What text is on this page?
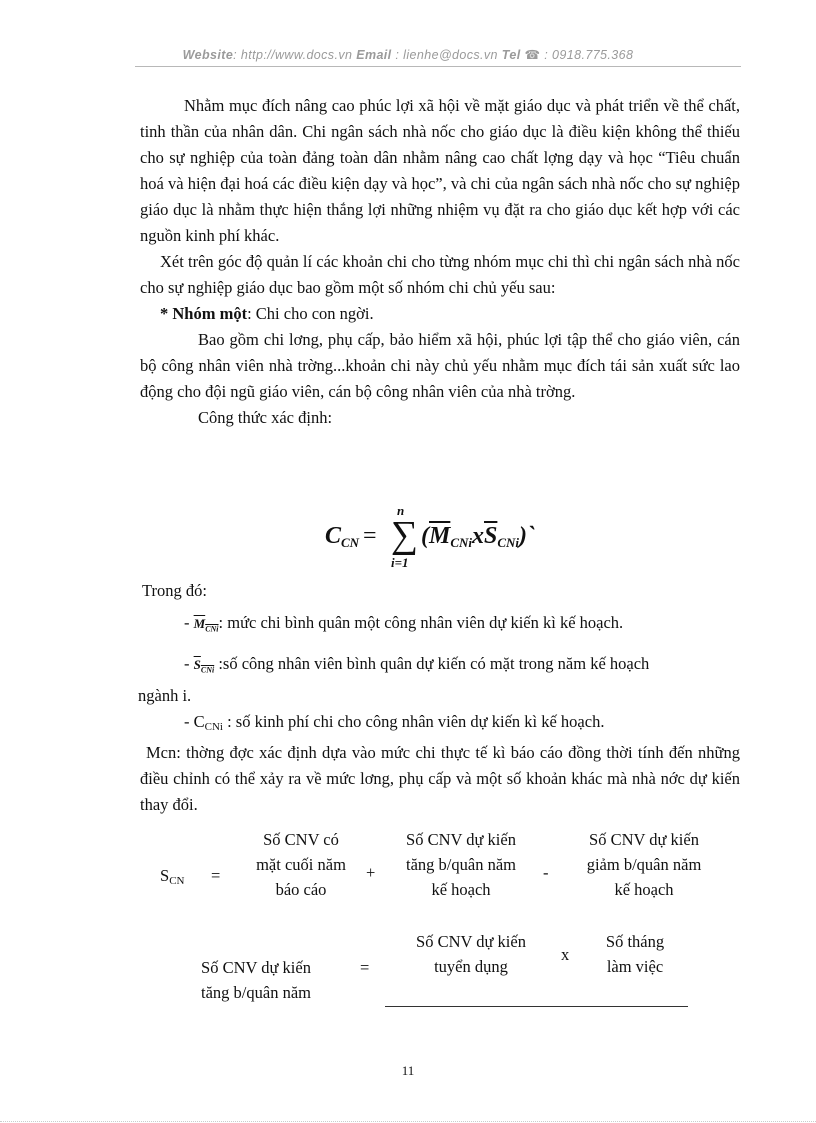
Website: http://www.docs.vn Email : lienhe@docs.vn Tel ☎ : 0918.775.368

Nhằm mục đích nâng cao phúc lợi xã hội về mặt giáo dục và phát triển về thể chất, tinh thần của nhân dân. Chi ngân sách nhà nốc cho giáo dục là điều kiện không thể thiếu cho sự nghiệp của toàn đảng toàn dân nhằm nâng cao chất lợng dạy và học “Tiêu chuẩn hoá và hiện đại hoá các điều kiện dạy và học”, và chi của ngân sách nhà nốc cho sự nghiệp giáo dục là nhằm thực hiện thắng lợi những nhiệm vụ đặt ra cho giáo dục kết hợp với các nguồn kinh phí khác.

Xét trên góc độ quản lí các khoản chi cho từng nhóm mục chi thì chi ngân sách nhà nốc cho sự nghiệp giáo dục bao gồm một số nhóm chi chủ yếu sau:

* Nhóm một: Chi cho con ngời.

Bao gồm chi lơng, phụ cấp, bảo hiểm xã hội, phúc lợi tập thể cho giáo viên, cán bộ công nhân viên nhà trờng...khoản chi này chủ yếu nhằm mục đích tái sản xuất sức lao động cho đội ngũ giáo viên, cán bộ công nhân viên của nhà trờng.

Công thức xác định:

CCN =
n
∑
i=1
$(\overline{M}CNix\overline{S}CNi)`$

Trong đó:

- $M_{CNi}$: mức chi bình quân một công nhân viên dự kiến kì kế hoạch.

- $S_{CNi}$ :số công nhân viên bình quân dự kiến có mặt trong năm kế hoạch

ngành i.

- CCNi : số kinh phí chi cho công nhân viên dự kiến kì kế hoạch.

Mcn: thờng đợc xác định dựa vào mức chi thực tế kì báo cáo đồng thời tính đến những điều chỉnh có thể xảy ra về mức lơng, phụ cấp và một số khoản khác mà nhà nớc dự kiến thay đổi.

SCN =
Số CNV có
mặt cuối năm
báo cáo
+
Số CNV dự kiến
tăng b/quân năm
kế hoạch
-
Số CNV dự kiến
giảm b/quân năm
kế hoạch
Số CNV dự kiến
tăng b/quân năm
=
Số CNV dự kiến
tuyển dụng
x
Số tháng
làm việc
11
